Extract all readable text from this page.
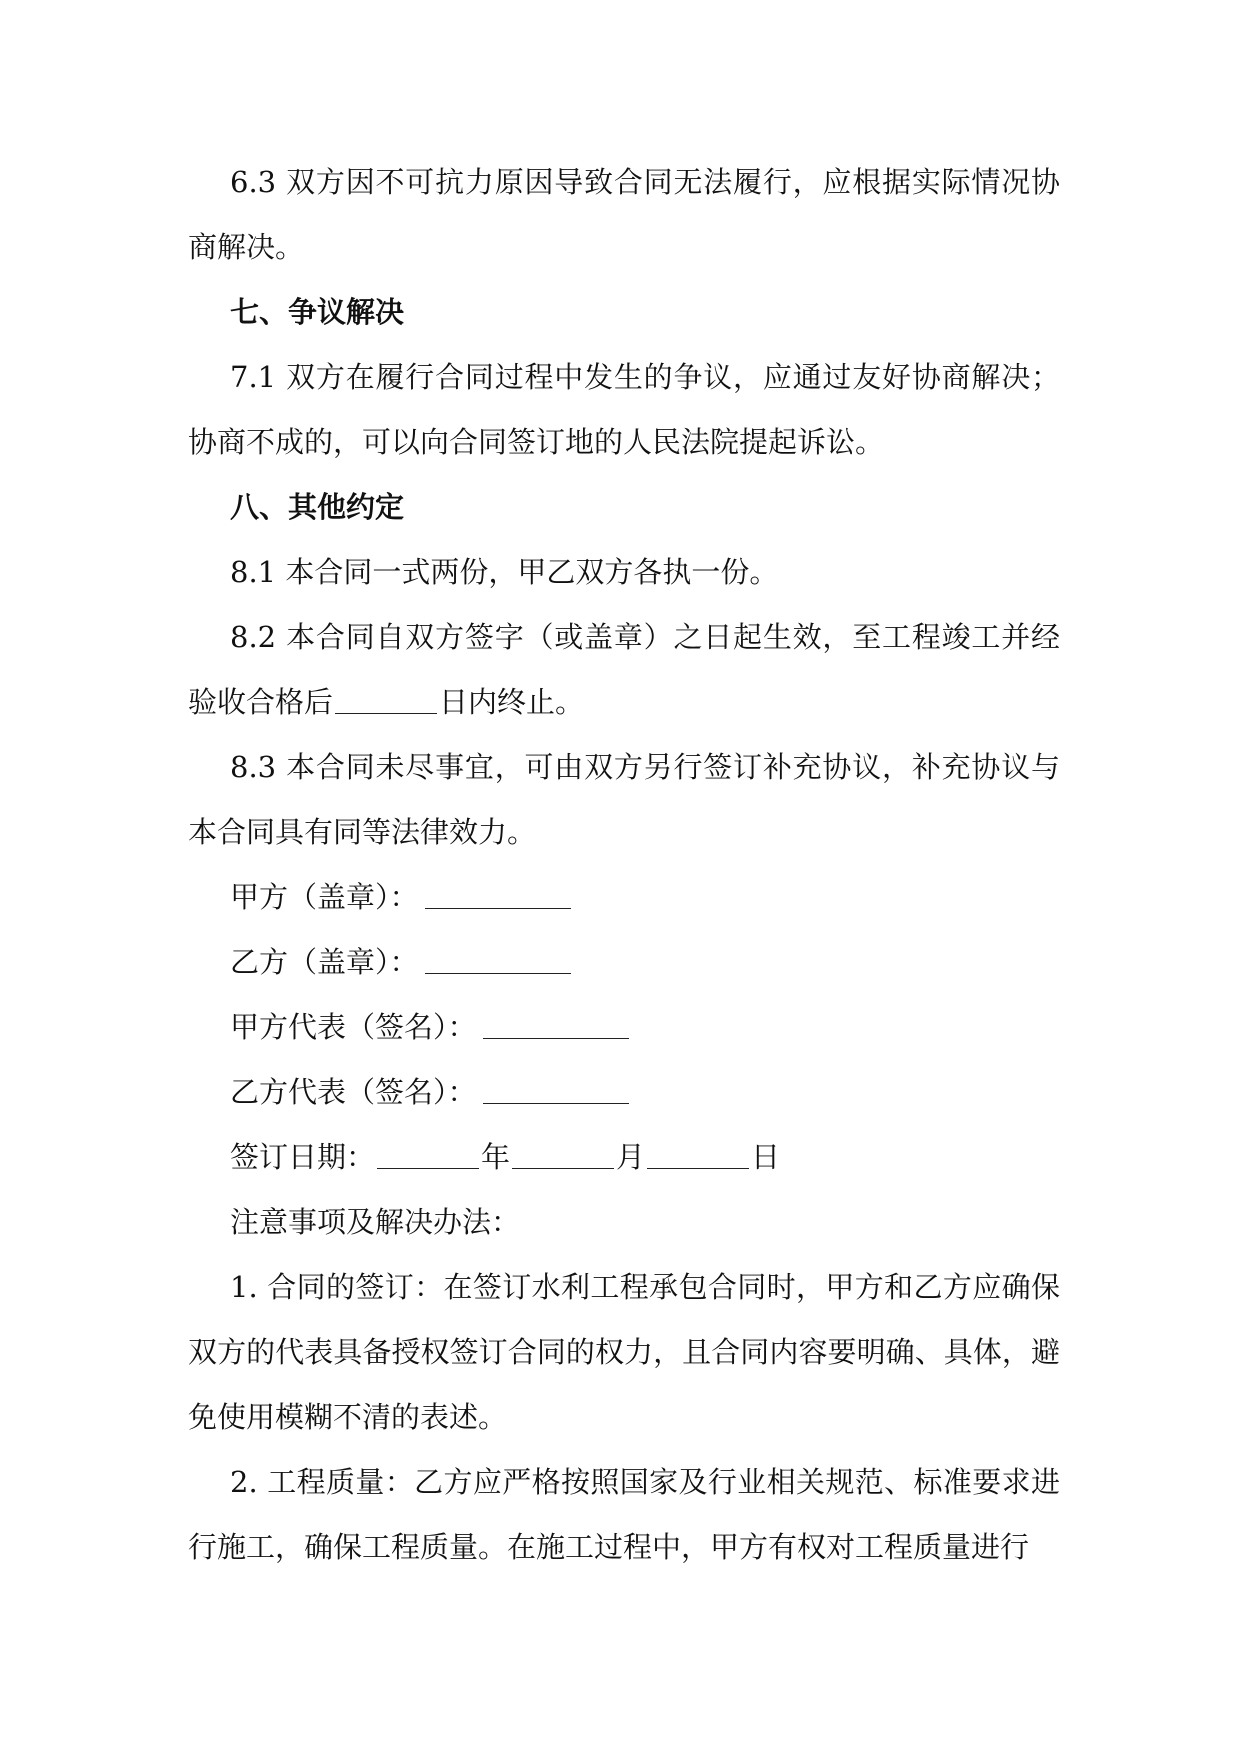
6.3 双方因不可抗力原因导致合同无法履行，应根据实际情况协商解决。

七、争议解决

7.1 双方在履行合同过程中发生的争议，应通过友好协商解决；协商不成的，可以向合同签订地的人民法院提起诉讼。

八、其他约定

8.1 本合同一式两份，甲乙双方各执一份。

8.2 本合同自双方签字（或盖章）之日起生效，至工程竣工并经验收合格后	日内终止。

8.3 本合同未尽事宜，可由双方另行签订补充协议，补充协议与本合同具有同等法律效力。

甲方（盖章）：

乙方（盖章）：

甲方代表（签名）：

乙方代表（签名）：

签订日期：	年	月	日

注意事项及解决办法：

1. 合同的签订：在签订水利工程承包合同时，甲方和乙方应确保双方的代表具备授权签订合同的权力，且合同内容要明确、具体，避免使用模糊不清的表述。

2. 工程质量：乙方应严格按照国家及行业相关规范、标准要求进行施工，确保工程质量。在施工过程中，甲方有权对工程质量进行
